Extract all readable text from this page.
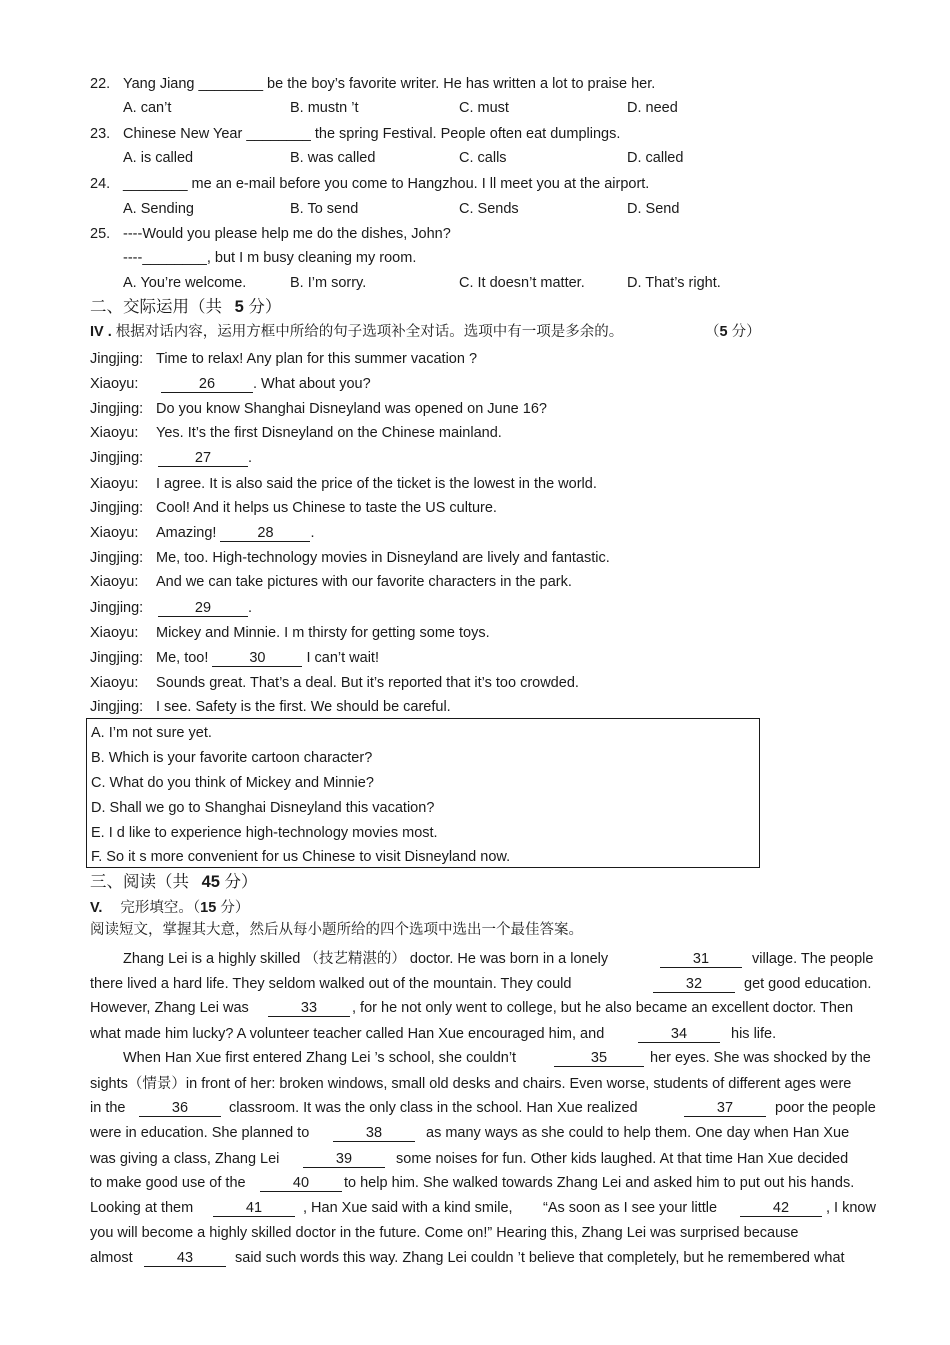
22. Yang Jiang ________ be the boy’s favorite writer. He has written a lot to praise her.
A. can’t	B. mustn ’t	C. must	D. need
23. Chinese New Year ________ the spring Festival. People often eat dumplings.
A. is called	B. was called	C. calls	D. called
24. ________ me an e-mail before you come to Hangzhou. I ll meet you at the airport.
A. Sending	B. To send	C. Sends	D. Send
25. ----Would you please help me do the dishes, John?
----________, but I m busy cleaning my room.
A. You’re welcome.	B. I’m sorry.	C. It doesn’t matter.	D. That’s right.
二、交际运用（共 5 分）
IV . 根据对话内容，运用方框中所给的句子选项补全对话。选项中有一项是多余的。	（5 分）
Jingjing: Time to relax! Any plan for this summer vacation ?
Xiaoyu:	26	. What about you?
Jingjing: Do you know Shanghai Disneyland was opened on June 16?
Xiaoyu: Yes. It’s the first Disneyland on the Chinese mainland.
Jingjing:	27	.
Xiaoyu: I agree. It is also said the price of the ticket is the lowest in the world.
Jingjing: Cool! And it helps us Chinese to taste the US culture.
Xiaoyu: Amazing!	28	.
Jingjing: Me, too. High-technology movies in Disneyland are lively and fantastic.
Xiaoyu: And we can take pictures with our favorite characters in the park.
Jingjing:	29	.
Xiaoyu: Mickey and Minnie. I m thirsty for getting some toys.
Jingjing: Me, too!	30	I can’t wait!
Xiaoyu: Sounds great. That’s a deal. But it’s reported that it’s too crowded.
Jingjing: I see. Safety is the first. We should be careful.
A. I’m not sure yet.
B. Which is your favorite cartoon character?
C. What do you think of Mickey and Minnie?
D. Shall we go to Shanghai Disneyland this vacation?
E. I d like to experience high-technology movies most.
F. So it s more convenient for us Chinese to visit Disneyland now.
三、阅读（共 45 分）
V. 完形填空。（15 分）
阅读短文，掌握其大意，然后从每小题所给的四个选项中选出一个最佳答案。
Zhang Lei is a highly skilled （技艺精湛的） doctor. He was born in a lonely	31	village. The people
there lived a hard life. They seldom walked out of the mountain. They could	32	get good education.
However, Zhang Lei was	33	, for he not only went to college, but he also became an excellent doctor. Then
what made him lucky? A volunteer teacher called Han Xue encouraged him, and	34	his life.
When Han Xue first entered Zhang Lei ’s school, she couldn’t	35	her eyes. She was shocked by the
sights（情景）in front of her: broken windows, small old desks and chairs. Even worse, students of different ages were
in the	36	classroom. It was the only class in the school. Han Xue realized	37	poor the people
were in education. She planned to	38	as many ways as she could to help them. One day when Han Xue
was giving a class, Zhang Lei	39	some noises for fun. Other kids laughed. At that time Han Xue decided
to make good use of the	40	to help him. She walked towards Zhang Lei and asked him to put out his hands.
Looking at them	41	, Han Xue said with a kind smile, “As soon as I see your little	42	, I know
you will become a highly skilled doctor in the future. Come on!” Hearing this, Zhang Lei was surprised because
almost	43	said such words this way. Zhang Lei couldn ’t believe that completely, but he remembered what
